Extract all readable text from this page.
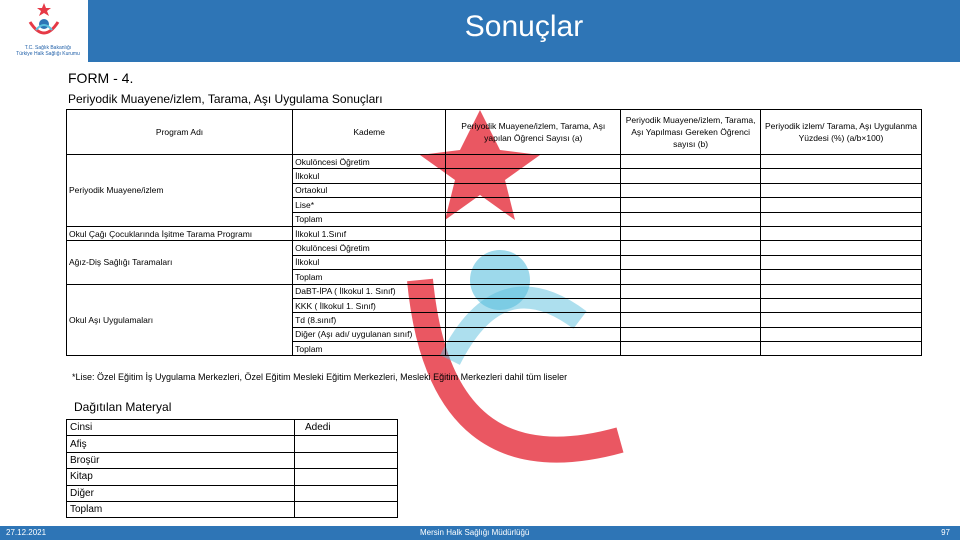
T.C. Sağlık Bakanlığı
Türkiye Halk Sağlığı Kurumu
Sonuçlar
FORM - 4.
Periyodik Muayene/izlem, Tarama, Aşı Uygulama Sonuçları
Program Adı	Kademe	Periyodik Muayene/izlem, Tarama, Aşı yapılan Öğrenci Sayısı (a)	Periyodik Muayene/izlem, Tarama, Aşı Yapılması Gereken Öğrenci sayısı (b)	Periyodik izlem/ Tarama, Aşı Uygulanma Yüzdesi (%) (a/b×100)
Periyodik Muayene/izlem	Okulöncesi Öğretim			
	İlkokul			
	Ortaokul			
	Lise*			
	Toplam			
Okul Çağı Çocuklarında İşitme Tarama Programı	İlkokul 1.Sınıf			
Ağız-Diş Sağlığı Taramaları	Okulöncesi Öğretim			
	İlkokul			
	Toplam			
Okul Aşı Uygulamaları	DaBT-İPA ( İlkokul 1. Sınıf)			
	KKK ( İlkokul 1. Sınıf)			
	Td (8.sınıf)			
	Diğer (Aşı adı/ uygulanan sınıf)			
	Toplam			
*Lise: Özel Eğitim İş Uygulama Merkezleri, Özel Eğitim Mesleki Eğitim Merkezleri, Mesleki Eğitim Merkezleri dahil tüm liseler
Dağıtılan Materyal
Cinsi	Adedi
Afiş	
Broşür	
Kitap	
Diğer	
Toplam	
27.12.2021	Mersin Halk Sağlığı Müdürlüğü	97
